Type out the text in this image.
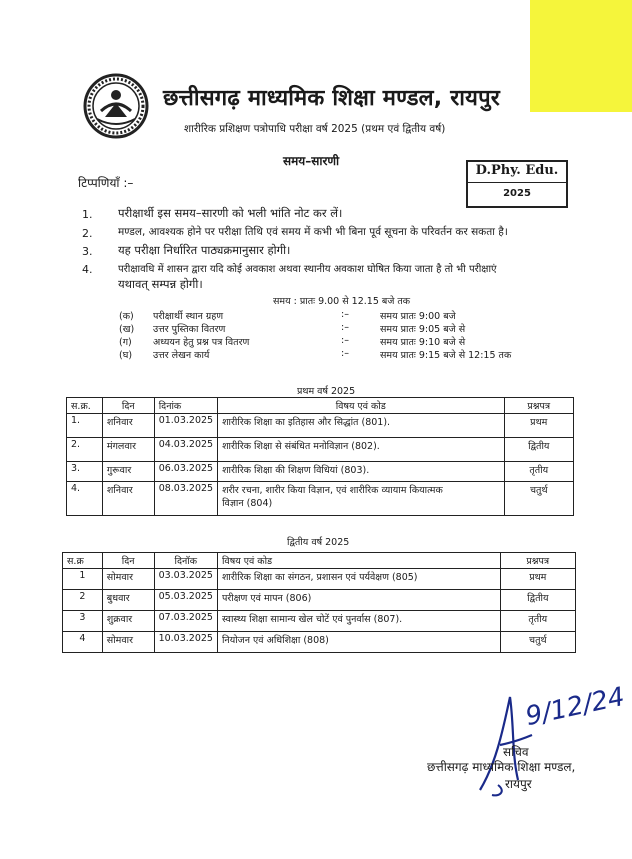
छत्तीसगढ़ माध्यमिक शिक्षा मण्डल, रायपुर
शारीरिक प्रशिक्षण पत्रोपाधि परीक्षा वर्ष 2025 (प्रथम एवं द्वितीय वर्ष)
समय–सारणी
टिप्पणियाँ :–
D.Phy. Edu.
2025
1. परीक्षार्थी इस समय–सारणी को भली भांति नोट कर लें।
2. मण्डल, आवश्यक होने पर परीक्षा तिथि एवं समय में कभी भी बिना पूर्व सूचना के परिवर्तन कर सकता है।
3. यह परीक्षा निर्धारित पाठ्यक्रमानुसार होगी।
4.	परीक्षावधि में शासन द्वारा यदि कोई अवकाश अथवा स्थानीय अवकाश घोषित किया जाता है तो भी परीक्षाएं
यथावत् सम्पन्न होगी।
समय : प्रातः 9.00 से 12.15 बजे तक
(क) परीक्षार्थी स्थान ग्रहण	:–	समय प्रातः 9:00 बजे
(ख) उत्तर पुस्तिका वितरण	:–	समय प्रातः 9:05 बजे से
(ग) अध्ययन हेतु प्रश्न पत्र वितरण	:–	समय प्रातः 9:10 बजे से
(घ) उत्तर लेखन कार्य	:–	समय प्रातः 9:15 बजे से 12:15 तक
प्रथम वर्ष 2025
स.क्र.	दिन	दिनांक	विषय एवं कोड	प्रश्नपत्र
1.	शनिवार	01.03.2025	शारीरिक शिक्षा का इतिहास और सिद्धांत (801).	प्रथम
2.	मंगलवार	04.03.2025	शारीरिक शिक्षा से संबंधित मनोविज्ञान (802).	द्वितीय
3.	गुरूवार	06.03.2025	शारीरिक शिक्षा की शिक्षण विधियां (803).	तृतीय
4.	शनिवार	08.03.2025	शरीर रचना, शारीर किया विज्ञान, एवं शारीरिक व्यायाम कियात्मक
विज्ञान (804)	चतुर्थ
द्वितीय वर्ष 2025
स.क्र	दिन	दिनॉक	विषय एवं कोड	प्रश्नपत्र
1	सोमवार	03.03.2025	शारीरिक शिक्षा का संगठन, प्रशासन एवं पर्यवेक्षण (805)	प्रथम
2	बुधवार	05.03.2025	परीक्षण एवं मापन (806)	द्वितीय
3	शुक्रवार	07.03.2025	स्वास्थ्य शिक्षा सामान्य खेल चोटें एवं पुनर्वास (807).	तृतीय
4	सोमवार	10.03.2025	नियोजन एवं अधिशिक्षा (808)	चतुर्थ
9/12/24
सचिव
छत्तीसगढ़ माध्यमिक शिक्षा मण्डल,
रायपुर
